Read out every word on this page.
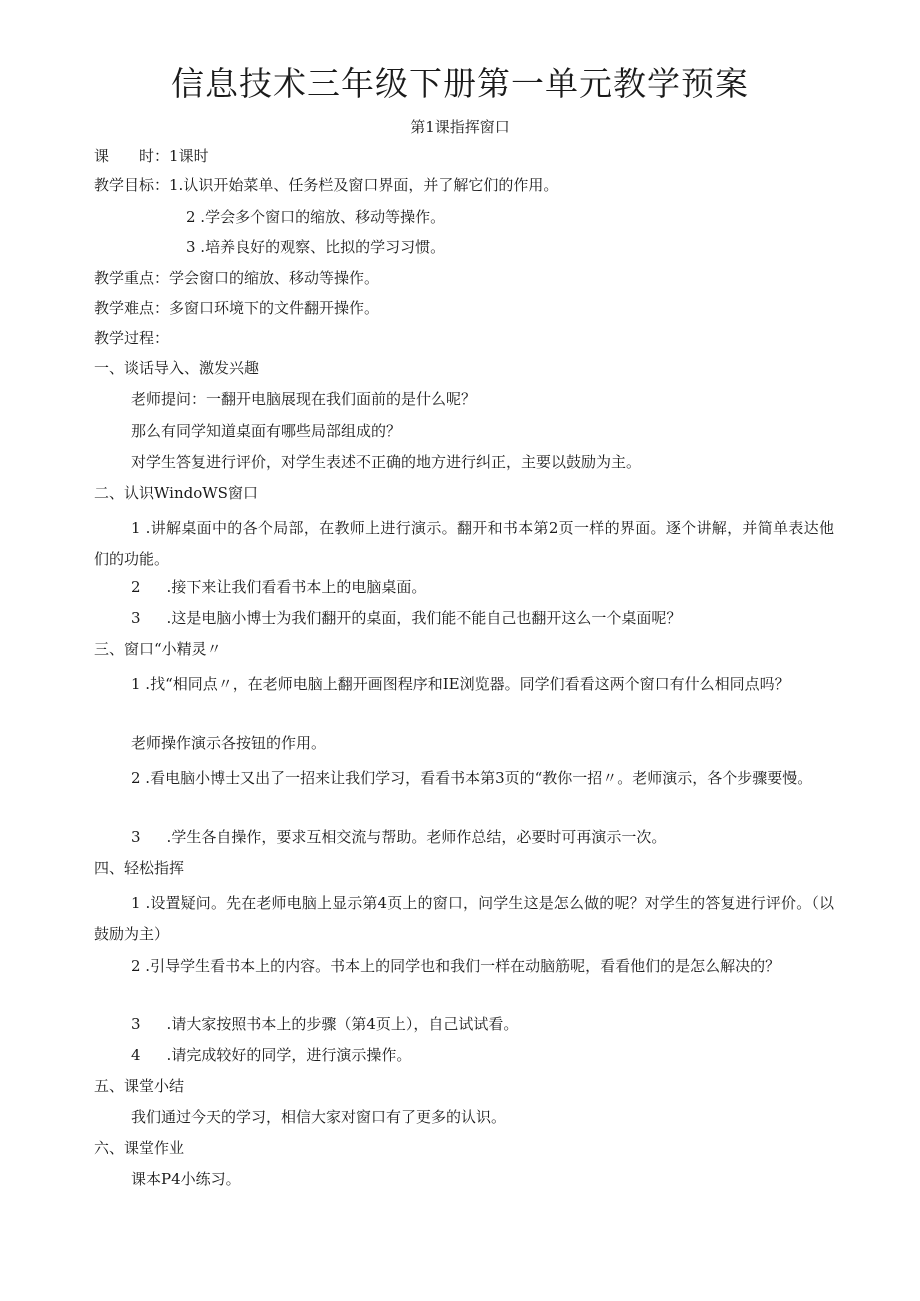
信息技术三年级下册第一单元教学预案
第1课指挥窗口
课 时：1课时
教学目标：1.认识开始菜单、任务栏及窗口界面，并了解它们的作用。
2 .学会多个窗口的缩放、移动等操作。
3 .培养良好的观察、比拟的学习习惯。
教学重点：学会窗口的缩放、移动等操作。
教学难点：多窗口环境下的文件翻开操作。
教学过程：
一、谈话导入、激发兴趣
老师提问：一翻开电脑展现在我们面前的是什么呢？
那么有同学知道桌面有哪些局部组成的？
对学生答复进行评价，对学生表述不正确的地方进行纠正，主要以鼓励为主。
二、认识WindoWS窗口
1 .讲解桌面中的各个局部，在教师上进行演示。翻开和书本第2页一样的界面。逐个讲解，并简单表达他们的功能。
2 .接下来让我们看看书本上的电脑桌面。
3 .这是电脑小博士为我们翻开的桌面，我们能不能自己也翻开这么一个桌面呢？
三、窗口“小精灵〃
1 .找“相同点〃，在老师电脑上翻开画图程序和IE浏览器。同学们看看这两个窗口有什么相同点吗？
老师操作演示各按钮的作用。
2 .看电脑小博士又出了一招来让我们学习，看看书本第3页的“教你一招〃。老师演示，各个步骤要慢。
3 .学生各自操作，要求互相交流与帮助。老师作总结，必要时可再演示一次。
四、轻松指挥
1 .设置疑问。先在老师电脑上显示第4页上的窗口，问学生这是怎么做的呢？对学生的答复进行评价。（以鼓励为主）
2 .引导学生看书本上的内容。书本上的同学也和我们一样在动脑筋呢，看看他们的是怎么解决的？
3 .请大家按照书本上的步骤（第4页上），自己试试看。
4 .请完成较好的同学，进行演示操作。
五、课堂小结
我们通过今天的学习，相信大家对窗口有了更多的认识。
六、课堂作业
课本P4小练习。
